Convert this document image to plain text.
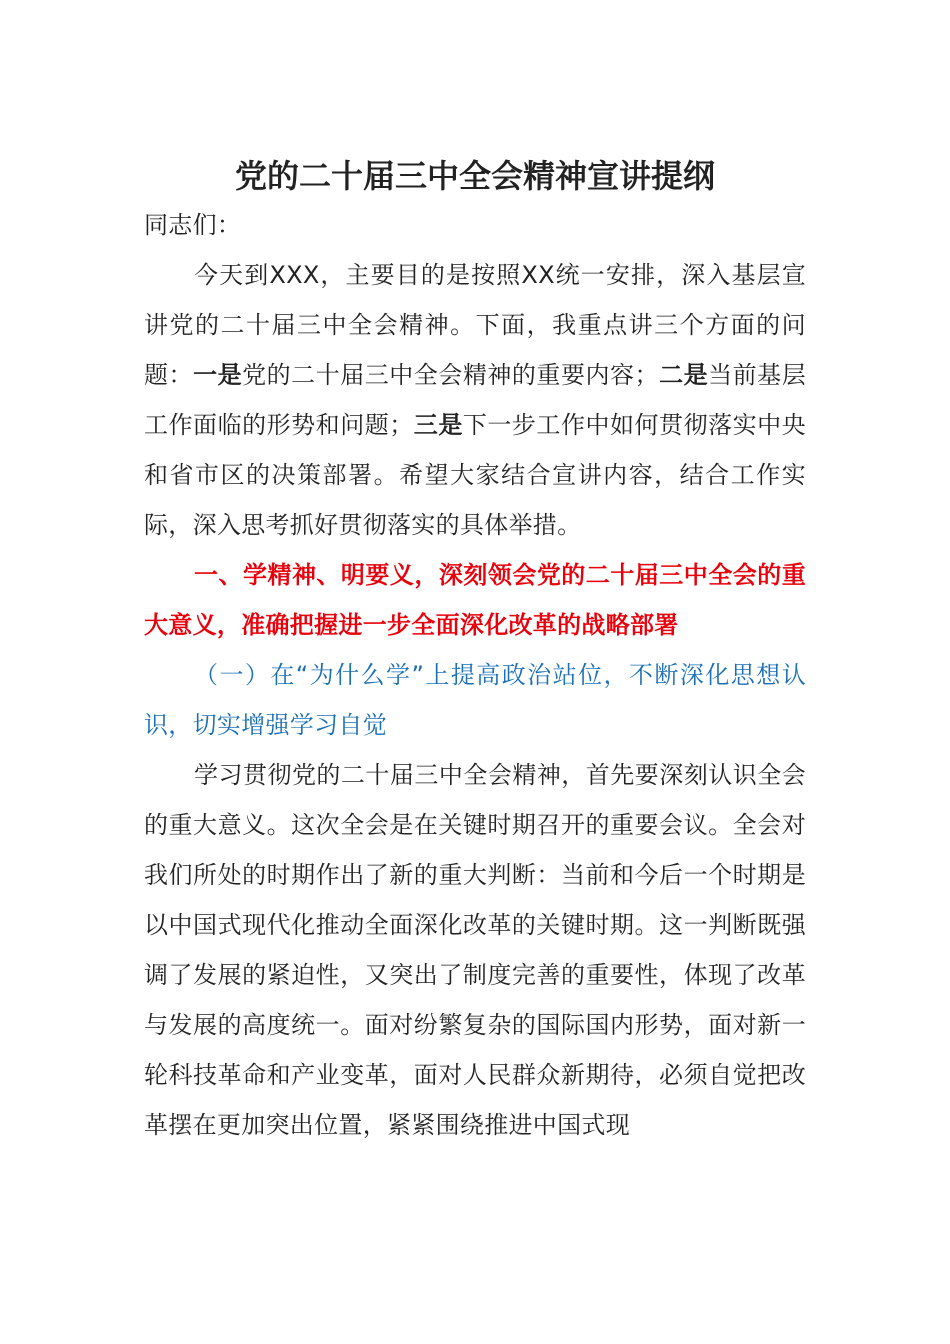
党的二十届三中全会精神宣讲提纲

同志们：

今天到XXX，主要目的是按照XX统一安排，深入基层宣讲党的二十届三中全会精神。下面，我重点讲三个方面的问题：一是党的二十届三中全会精神的重要内容；二是当前基层工作面临的形势和问题；三是下一步工作中如何贯彻落实中央和省市区的决策部署。希望大家结合宣讲内容，结合工作实际，深入思考抓好贯彻落实的具体举措。

一、学精神、明要义，深刻领会党的二十届三中全会的重大意义，准确把握进一步全面深化改革的战略部署

（一）在“为什么学”上提高政治站位，不断深化思想认识，切实增强学习自觉

学习贯彻党的二十届三中全会精神，首先要深刻认识全会的重大意义。这次全会是在关键时期召开的重要会议。全会对我们所处的时期作出了新的重大判断：当前和今后一个时期是以中国式现代化推动全面深化改革的关键时期。这一判断既强调了发展的紧迫性，又突出了制度完善的重要性，体现了改革与发展的高度统一。面对纷繁复杂的国际国内形势，面对新一轮科技革命和产业变革，面对人民群众新期待，必须自觉把改革摆在更加突出位置，紧紧围绕推进中国式现
